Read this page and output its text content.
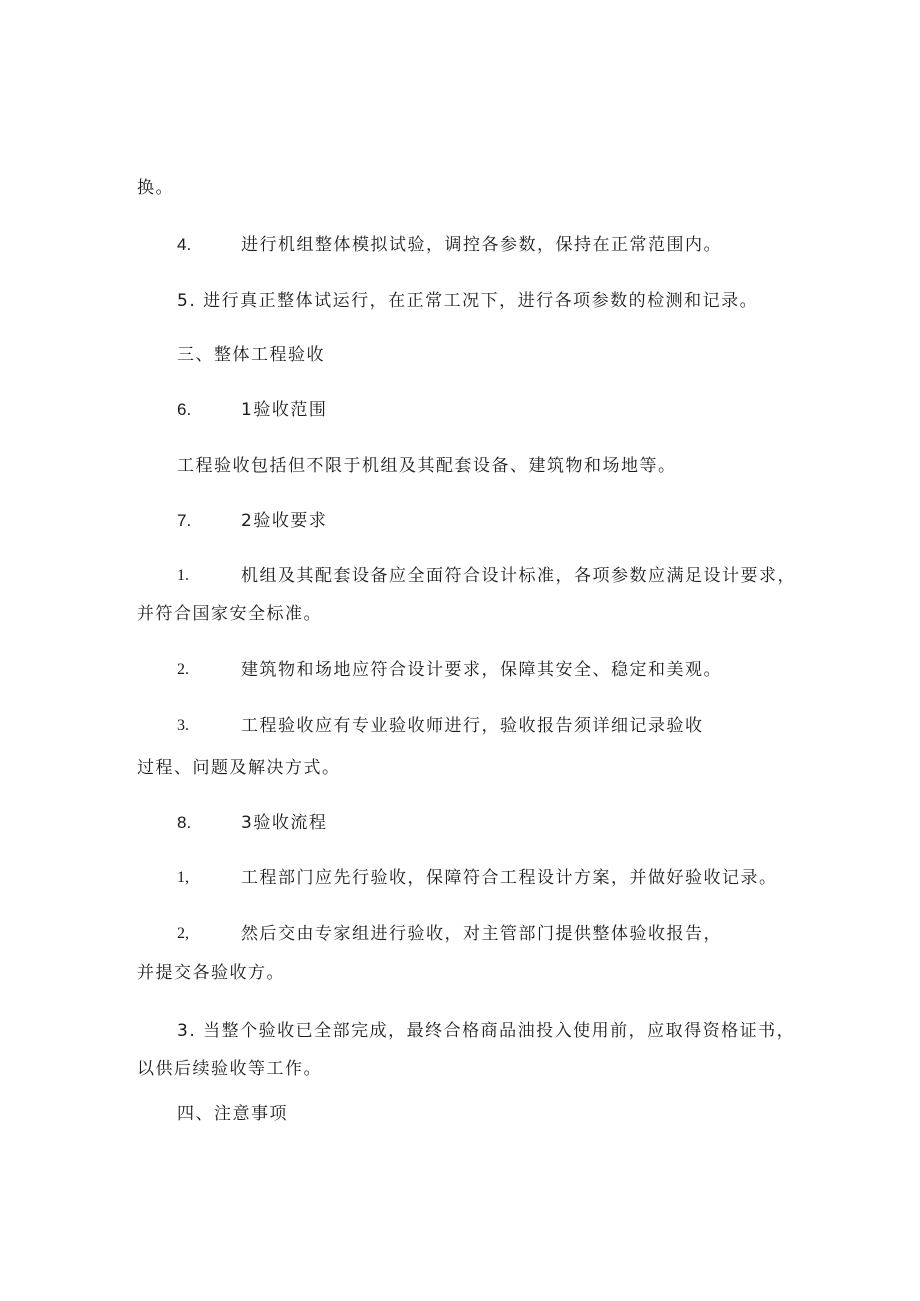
换。
4.	进行机组整体模拟试验，调控各参数，保持在正常范围内。
5. 进行真正整体试运行，在正常工况下，进行各项参数的检测和记录。
三、整体工程验收
6.	1验收范围
工程验收包括但不限于机组及其配套设备、建筑物和场地等。
7.	2验收要求
1.	机组及其配套设备应全面符合设计标准，各项参数应满足设计要求，
并符合国家安全标准。
2.	建筑物和场地应符合设计要求，保障其安全、稳定和美观。
3.	工程验收应有专业验收师进行，验收报告须详细记录验收
过程、问题及解决方式。
8.	3验收流程
1,	工程部门应先行验收，保障符合工程设计方案，并做好验收记录。
2,	然后交由专家组进行验收，对主管部门提供整体验收报告，
并提交各验收方。
3. 当整个验收已全部完成，最终合格商品油投入使用前，应取得资格证书，
以供后续验收等工作。
四、注意事项
